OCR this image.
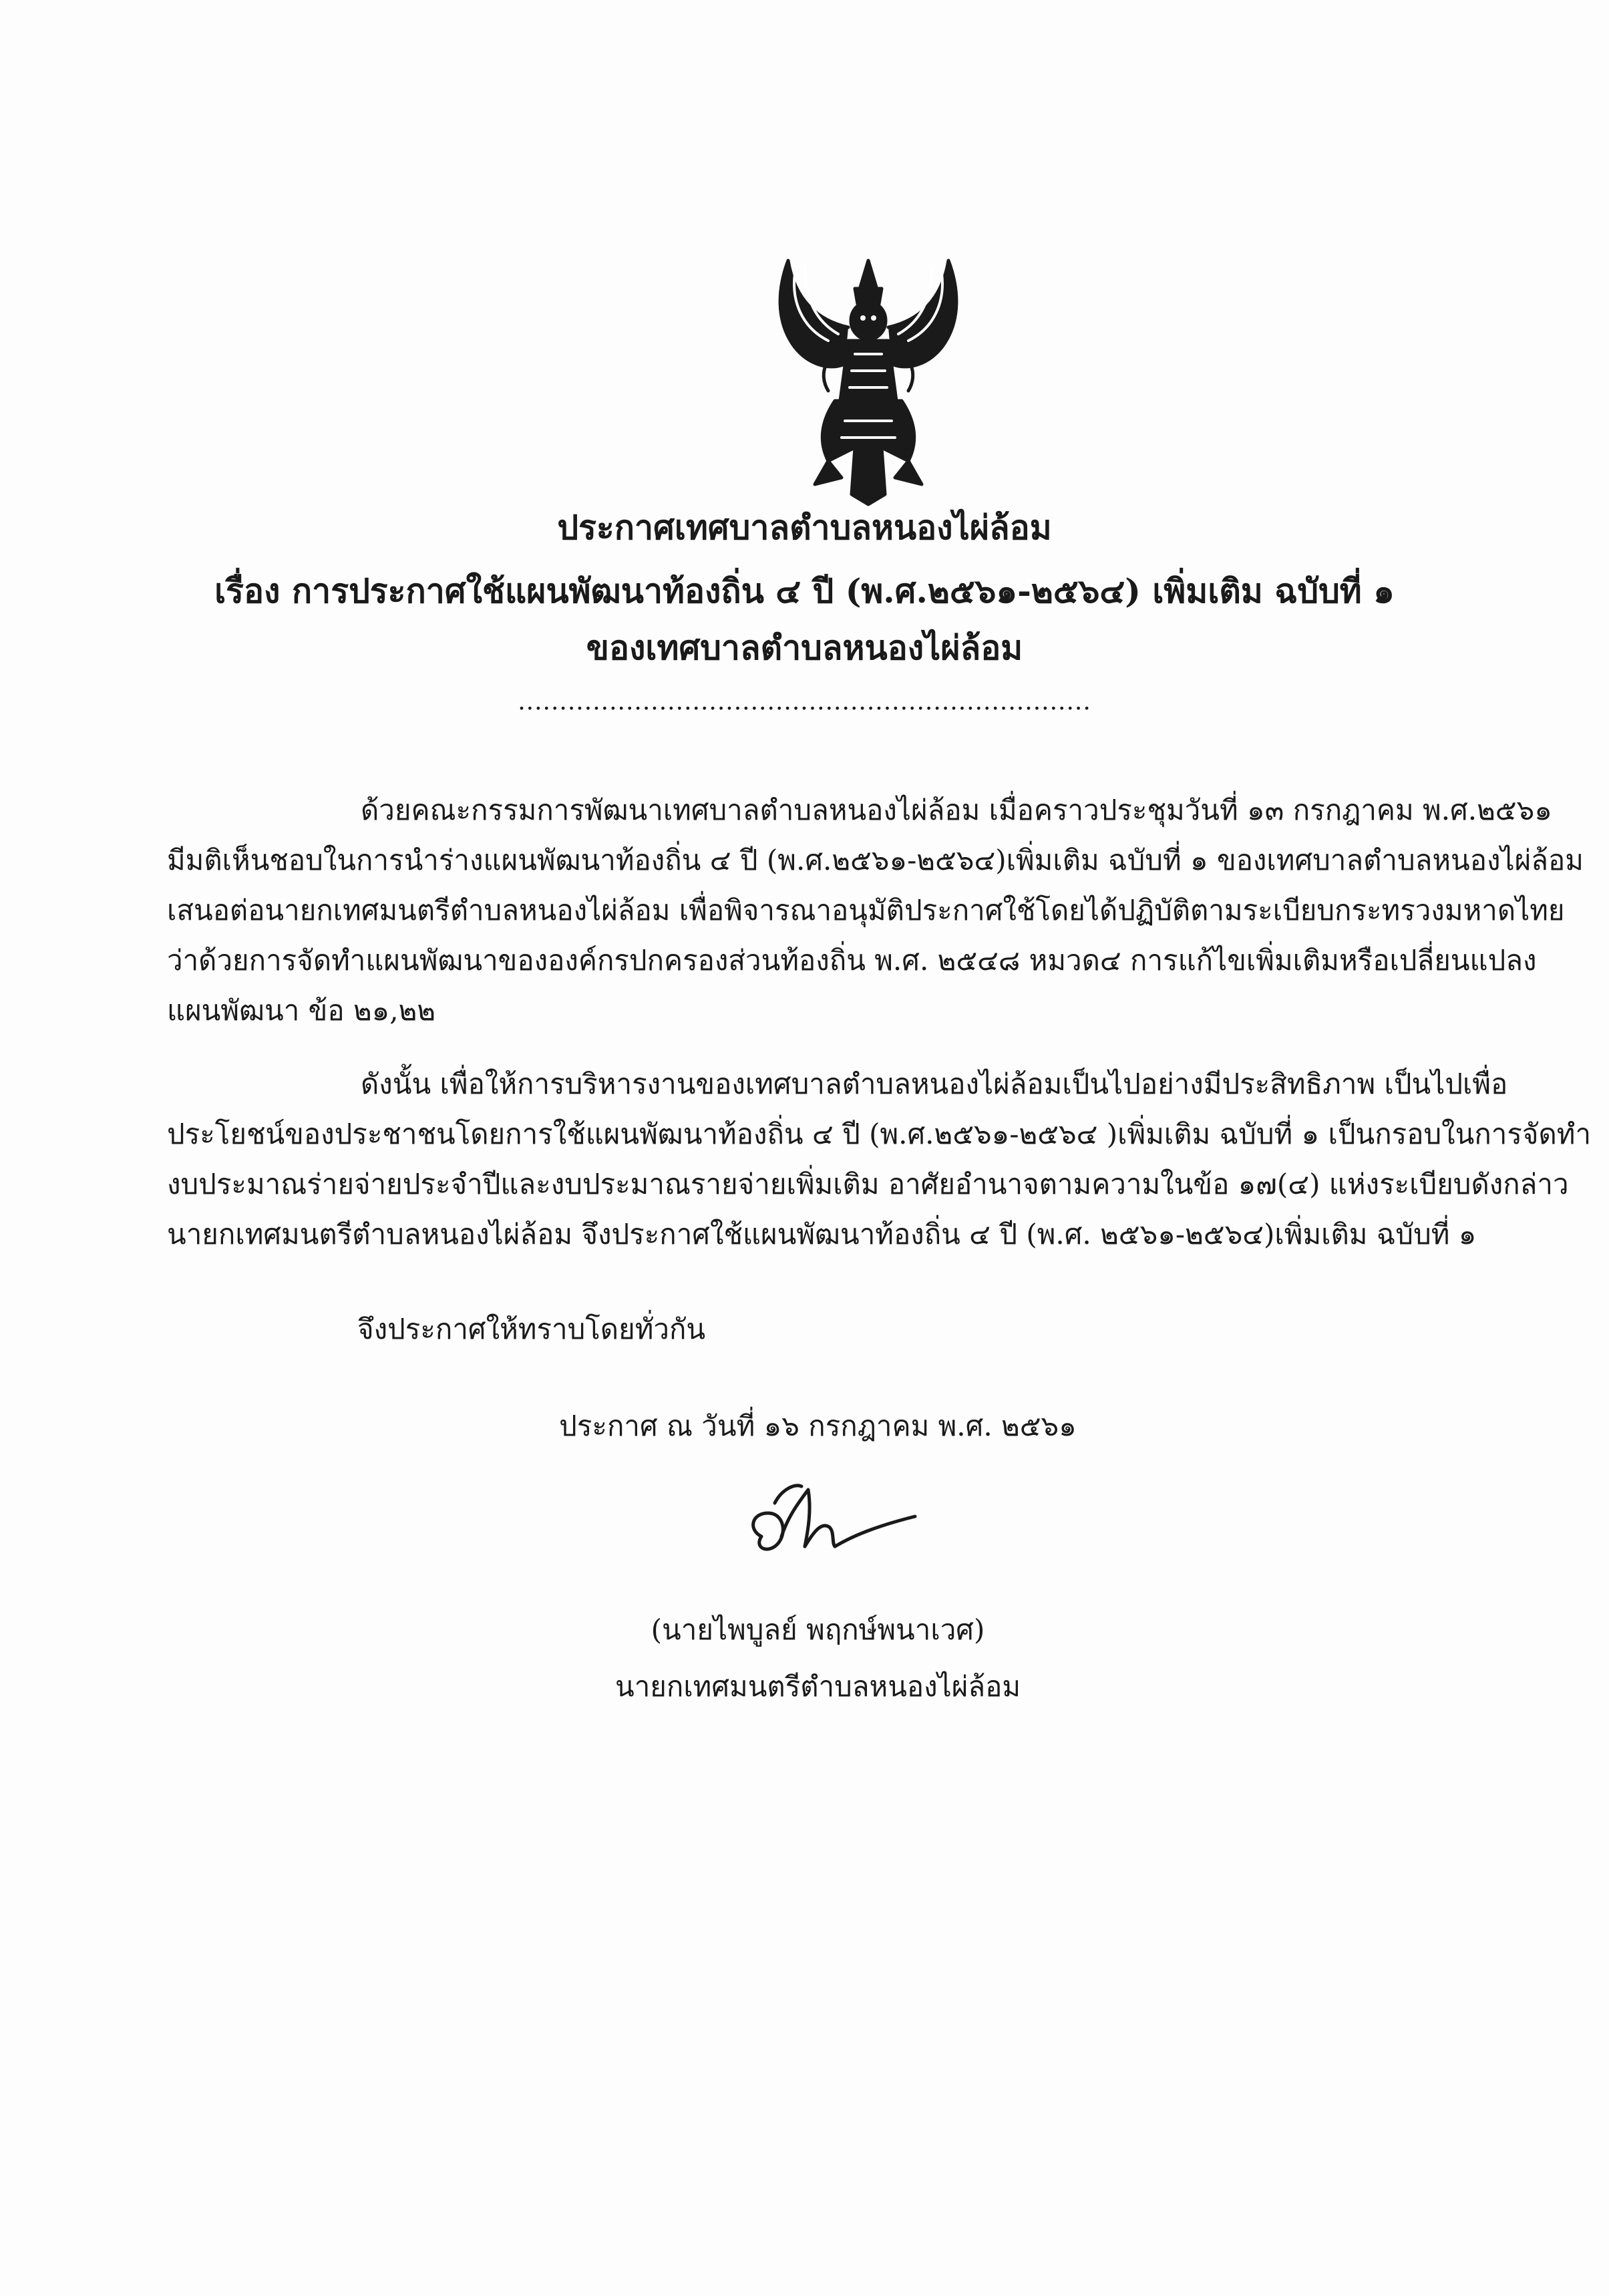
ประกาศเทศบาลตำบลหนองไผ่ล้อม
เรื่อง การประกาศใช้แผนพัฒนาท้องถิ่น ๔ ปี (พ.ศ.๒๕๖๑-๒๕๖๔) เพิ่มเติม ฉบับที่ ๑
ของเทศบาลตำบลหนองไผ่ล้อม
.....................................................................
ด้วยคณะกรรมการพัฒนาเทศบาลตำบลหนองไผ่ล้อม เมื่อคราวประชุมวันที่ ๑๓ กรกฎาคม พ.ศ.๒๕๖๑
มีมติเห็นชอบในการนำร่างแผนพัฒนาท้องถิ่น ๔ ปี (พ.ศ.๒๕๖๑-๒๕๖๔)เพิ่มเติม ฉบับที่ ๑ ของเทศบาลตำบลหนองไผ่ล้อม
เสนอต่อนายกเทศมนตรีตำบลหนองไผ่ล้อม เพื่อพิจารณาอนุมัติประกาศใช้โดยได้ปฏิบัติตามระเบียบกระทรวงมหาดไทย
ว่าด้วยการจัดทำแผนพัฒนาขององค์กรปกครองส่วนท้องถิ่น พ.ศ. ๒๕๔๘ หมวด๔ การแก้ไขเพิ่มเติมหรือเปลี่ยนแปลง
แผนพัฒนา ข้อ ๒๑,๒๒
ดังนั้น เพื่อให้การบริหารงานของเทศบาลตำบลหนองไผ่ล้อมเป็นไปอย่างมีประสิทธิภาพ เป็นไปเพื่อ
ประโยชน์ของประชาชนโดยการใช้แผนพัฒนาท้องถิ่น ๔ ปี (พ.ศ.๒๕๖๑-๒๕๖๔ )เพิ่มเติม ฉบับที่ ๑ เป็นกรอบในการจัดทำ
งบประมาณร่ายจ่ายประจำปีและงบประมาณรายจ่ายเพิ่มเติม อาศัยอำนาจตามความในข้อ ๑๗(๔) แห่งระเบียบดังกล่าว
นายกเทศมนตรีตำบลหนองไผ่ล้อม จึงประกาศใช้แผนพัฒนาท้องถิ่น ๔ ปี (พ.ศ. ๒๕๖๑-๒๕๖๔)เพิ่มเติม ฉบับที่ ๑
จึงประกาศให้ทราบโดยทั่วกัน
ประกาศ ณ วันที่ ๑๖ กรกฎาคม พ.ศ. ๒๕๖๑
(นายไพบูลย์ พฤกษ์พนาเวศ)
นายกเทศมนตรีตำบลหนองไผ่ล้อม
